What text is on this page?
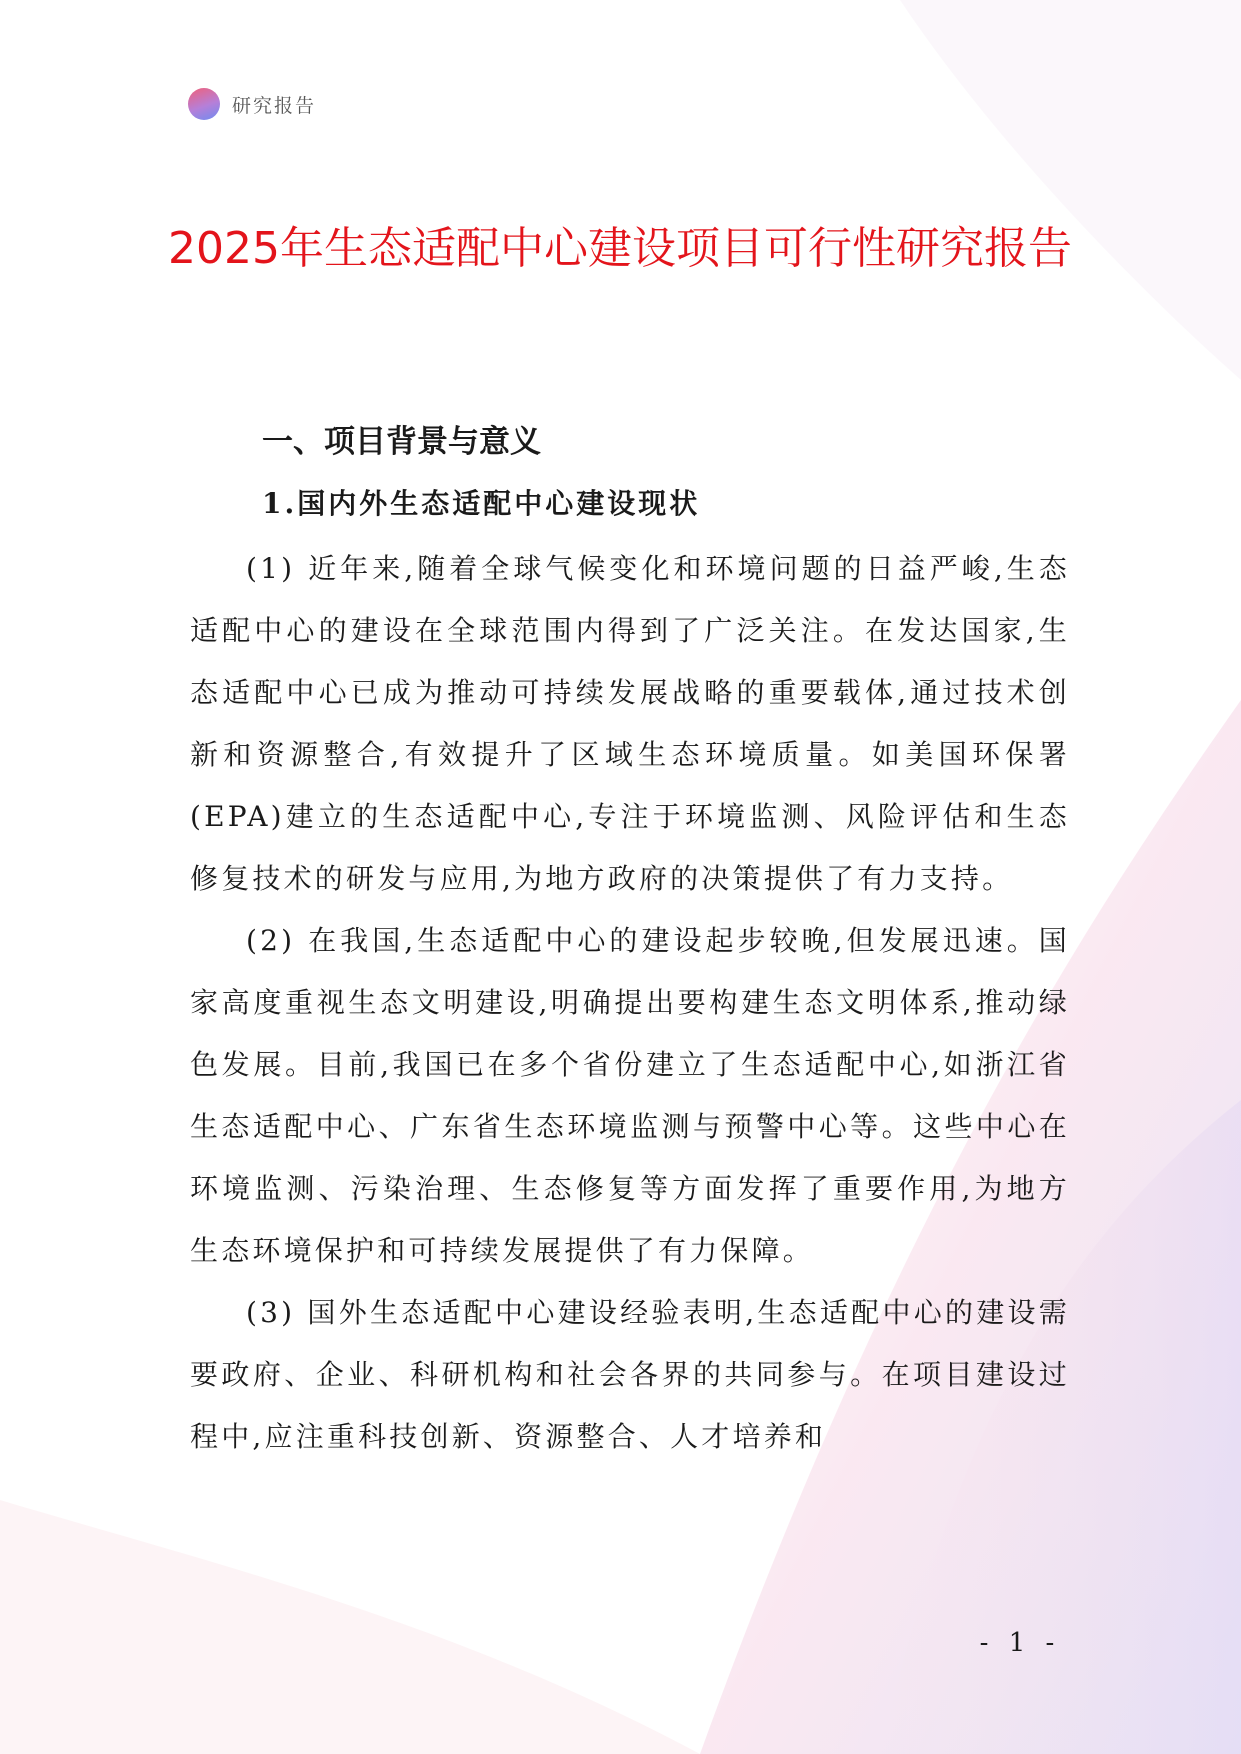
研究报告
2025年生态适配中心建设项目可行性研究报告
一、项目背景与意义
1.国内外生态适配中心建设现状

(1) 近年来,随着全球气候变化和环境问题的日益严峻,生态适配中心的建设在全球范围内得到了广泛关注。在发达国家,生态适配中心已成为推动可持续发展战略的重要载体,通过技术创新和资源整合,有效提升了区域生态环境质量。如美国环保署(EPA)建立的生态适配中心,专注于环境监测、风险评估和生态修复技术的研发与应用,为地方政府的决策提供了有力支持。

(2) 在我国,生态适配中心的建设起步较晚,但发展迅速。国家高度重视生态文明建设,明确提出要构建生态文明体系,推动绿色发展。目前,我国已在多个省份建立了生态适配中心,如浙江省生态适配中心、广东省生态环境监测与预警中心等。这些中心在环境监测、污染治理、生态修复等方面发挥了重要作用,为地方生态环境保护和可持续发展提供了有力保障。

(3) 国外生态适配中心建设经验表明,生态适配中心的建设需要政府、企业、科研机构和社会各界的共同参与。在项目建设过程中,应注重科技创新、资源整合、人才培养和

- 1 -
